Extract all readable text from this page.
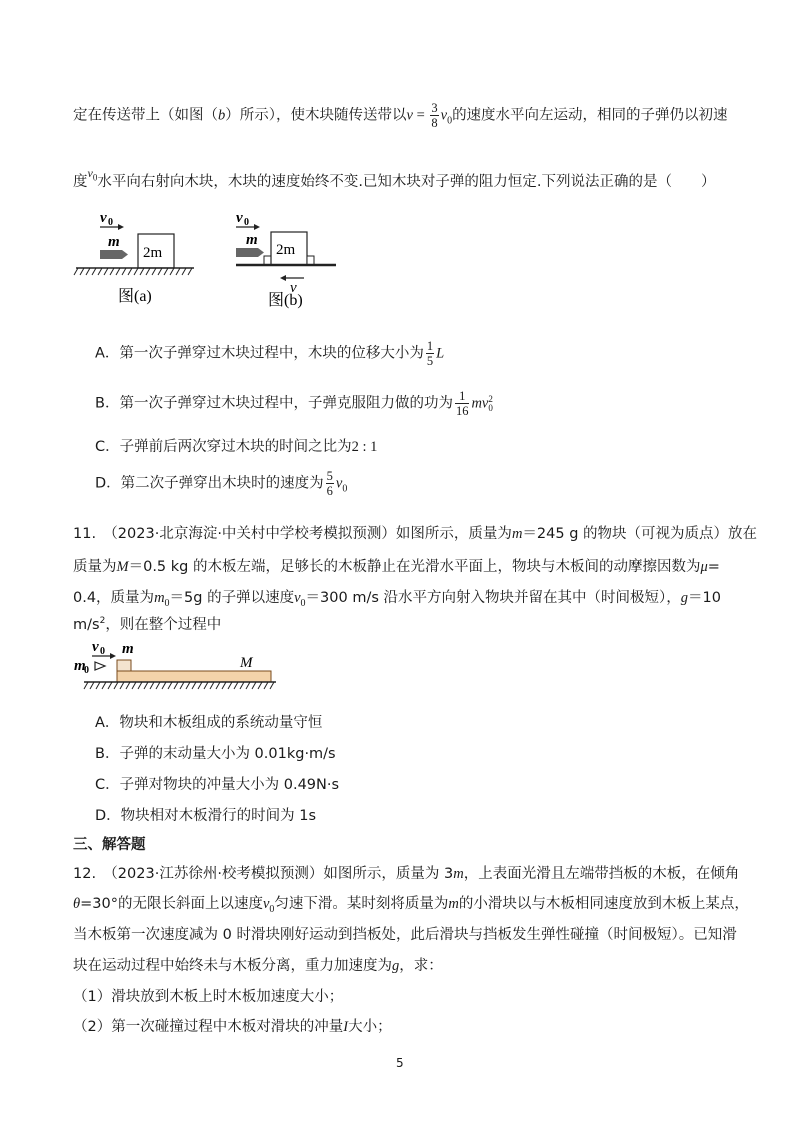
定在传送带上（如图（b）所示），使木块随传送带以$v = \frac{3}{8} v_0$的速度水平向左运动，相同的子弹仍以初速
度$^{v_0}$水平向右射向木块，木块的速度始终不变.已知木块对子弹的阻力恒定.下列说法正确的是（　　）
v 0
m
2m
图(a)
v 0
m
2m
v
图(b)
A．第一次子弹穿过木块过程中，木块的位移大小为 $\frac{1}{5}$ L
B．第一次子弹穿过木块过程中，子弹克服阻力做的功为 $\frac{1}{16}$ mv 2
0
C．子弹前后两次穿过木块的时间之比为2 : 1
D．第二次子弹穿出木块时的速度为 $\frac{5}{6} v_0$
11.　（2023·北京海淀·中关村中学校考模拟预测）如图所示，质量为m＝245 g 的物块（可视为质点）放在
质量为M＝0.5 kg 的木板左端，足够长的木板静止在光滑水平面上，物块与木板间的动摩擦因数为μ=
0.4，质量为$m_0=5g$ 的子弹以速度$v_0=300$ m/s 沿水平方向射入物块并留在其中（时间极短），g＝10
$m/s^2$，则在整个过程中
v 0 m
m
0	M
A．物块和木板组成的系统动量守恒
B．子弹的末动量大小为 0.01kg·m/s
C．子弹对物块的冲量大小为 0.49N·s
D．物块相对木板滑行的时间为 1s
三、解答题
12.　（2023·江苏徐州·校考模拟预测）如图所示，质量为 3m，上表面光滑且左端带挡板的木板，在倾角
θ=30°的无限长斜面上以速度$v_0$匀速下滑。某时刻将质量为m的小滑块以与木板相同速度放到木板上某点，
当木板第一次速度减为 0 时滑块刚好运动到挡板处，此后滑块与挡板发生弹性碰撞（时间极短）。已知滑
块在运动过程中始终未与木板分离，重力加速度为g，求：
（1）滑块放到木板上时木板加速度大小；
（2）第一次碰撞过程中木板对滑块的冲量I大小；
5
